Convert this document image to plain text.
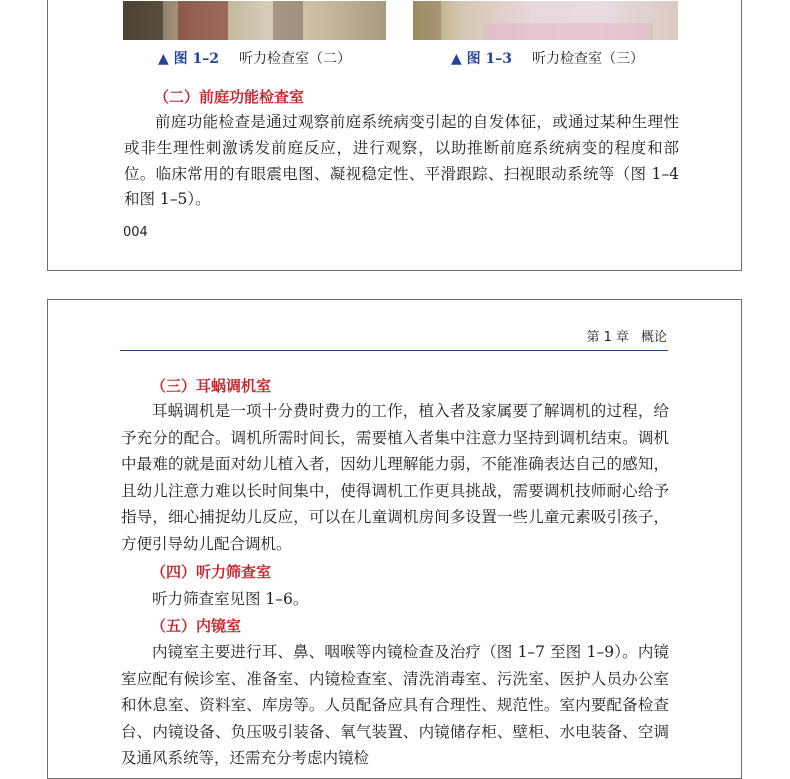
▲ 图 1–2 听力检查室（二）	▲ 图 1–3 听力检查室（三）
（二）前庭功能检查室

前庭功能检查是通过观察前庭系统病变引起的自发体征，或通过某种生理性或非生理性刺激诱发前庭反应，进行观察，以助推断前庭系统病变的程度和部位。临床常用的有眼震电图、凝视稳定性、平滑跟踪、扫视眼动系统等（图 1–4 和图 1–5）。

004
第 1 章 概论
（三）耳蜗调机室

耳蜗调机是一项十分费时费力的工作，植入者及家属要了解调机的过程，给予充分的配合。调机所需时间长，需要植入者集中注意力坚持到调机结束。调机中最难的就是面对幼儿植入者，因幼儿理解能力弱，不能准确表达自己的感知，且幼儿注意力难以长时间集中，使得调机工作更具挑战，需要调机技师耐心给予指导，细心捕捉幼儿反应，可以在儿童调机房间多设置一些儿童元素吸引孩子，方便引导幼儿配合调机。

（四）听力筛查室

听力筛查室见图 1–6。

（五）内镜室

内镜室主要进行耳、鼻、咽喉等内镜检查及治疗（图 1–7 至图 1–9）。内镜室应配有候诊室、准备室、内镜检查室、清洗消毒室、污洗室、医护人员办公室和休息室、资料室、库房等。人员配备应具有合理性、规范性。室内要配备检查台、内镜设备、负压吸引装备、氧气装置、内镜储存柜、壁柜、水电装备、空调及通风系统等，还需充分考虑内镜检
